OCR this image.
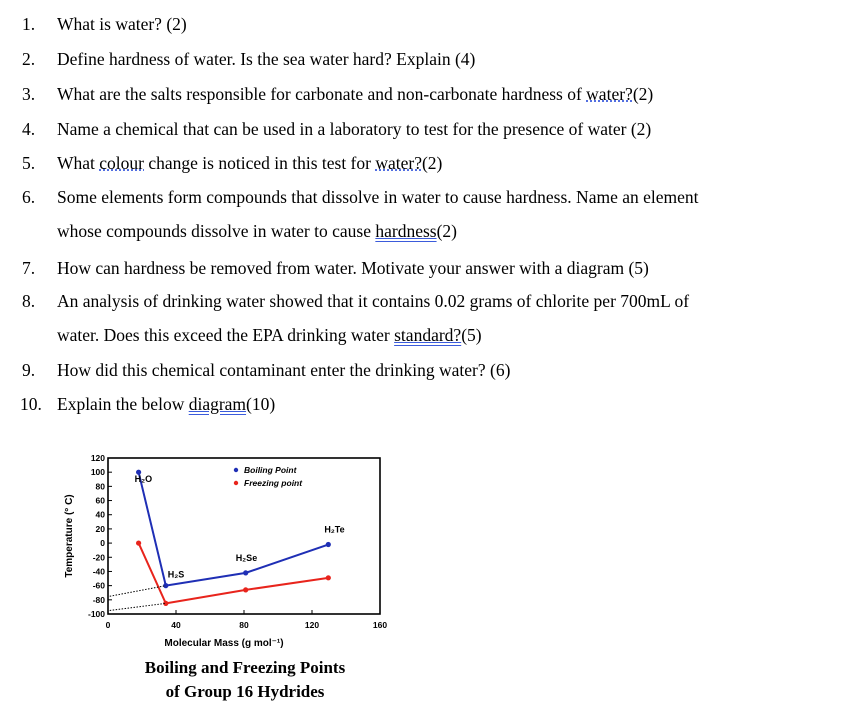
1.	What is water? (2)
2.	Define hardness of water. Is the sea water hard? Explain (4)
3.	What are the salts responsible for carbonate and non-carbonate hardness of water?(2)
4.	Name a chemical that can be used in a laboratory to test for the presence of water (2)
5.	What colour change is noticed in this test for water?(2)
6.	Some elements form compounds that dissolve in water to cause hardness. Name an element
whose compounds dissolve in water to cause hardness(2)
7.	How can hardness be removed from water. Motivate your answer with a diagram (5)
8.	An analysis of drinking water showed that it contains 0.02 grams of chlorite per 700mL of
water. Does this exceed the EPA drinking water standard?(5)
9.	How did this chemical contaminant enter the drinking water? (6)
10. Explain the below diagram(10)
120
100
80
60
40
20
0
-20
-40
-60
-80
-100
0	40	80	120	160
H₂O
H₂S
H₂Se
H₂Te
Boiling Point
Freezing point
Temperature (° C)
Molecular Mass (g mol⁻¹)
Boiling and Freezing Points
of Group 16 Hydrides
